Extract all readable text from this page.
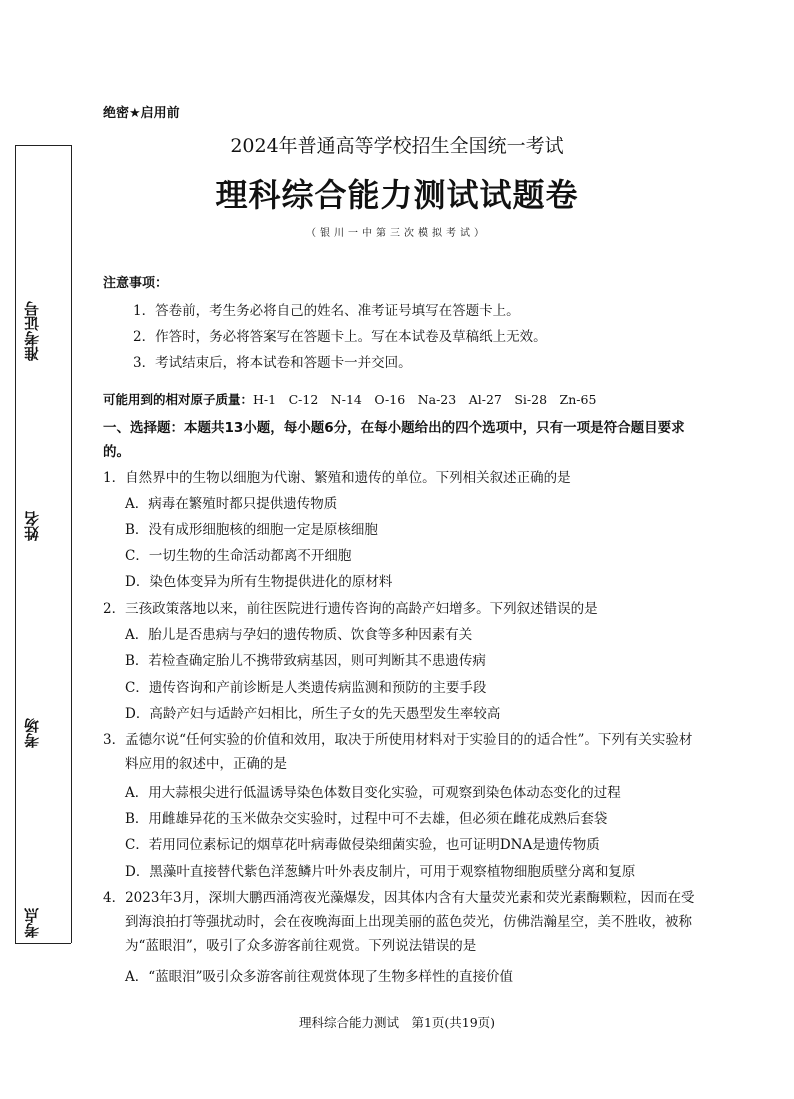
准考证号
姓名
考场
考点
绝密★启用前
2024年普通高等学校招生全国统一考试
理科综合能力测试试题卷
（银川一中第三次模拟考试）
注意事项：
1．答卷前，考生务必将自己的姓名、准考证号填写在答题卡上。
2．作答时，务必将答案写在答题卡上。写在本试卷及草稿纸上无效。
3．考试结束后，将本试卷和答题卡一并交回。
可能用到的相对原子质量：H-1　C-12　N-14　O-16　Na-23　Al-27　Si-28　Zn-65
一、选择题：本题共13小题，每小题6分，在每小题给出的四个选项中，只有一项是符合题目要求的。
1．自然界中的生物以细胞为代谢、繁殖和遗传的单位。下列相关叙述正确的是
A．病毒在繁殖时都只提供遗传物质
B．没有成形细胞核的细胞一定是原核细胞
C．一切生物的生命活动都离不开细胞
D．染色体变异为所有生物提供进化的原材料
2．三孩政策落地以来，前往医院进行遗传咨询的高龄产妇增多。下列叙述错误的是
A．胎儿是否患病与孕妇的遗传物质、饮食等多种因素有关
B．若检查确定胎儿不携带致病基因，则可判断其不患遗传病
C．遗传咨询和产前诊断是人类遗传病监测和预防的主要手段
D．高龄产妇与适龄产妇相比，所生子女的先天愚型发生率较高
3．孟德尔说“任何实验的价值和效用，取决于所使用材料对于实验目的的适合性”。下列有关实验材料应用的叙述中，正确的是
A．用大蒜根尖进行低温诱导染色体数目变化实验，可观察到染色体动态变化的过程
B．用雌雄异花的玉米做杂交实验时，过程中可不去雄，但必须在雌花成熟后套袋
C．若用同位素标记的烟草花叶病毒做侵染细菌实验，也可证明DNA是遗传物质
D．黑藻叶直接替代紫色洋葱鳞片叶外表皮制片，可用于观察植物细胞质壁分离和复原
4．2023年3月，深圳大鹏西涌湾夜光藻爆发，因其体内含有大量荧光素和荧光素酶颗粒，因而在受到海浪拍打等强扰动时，会在夜晚海面上出现美丽的蓝色荧光，仿佛浩瀚星空，美不胜收，被称为“蓝眼泪”，吸引了众多游客前往观赏。下列说法错误的是
A．“蓝眼泪”吸引众多游客前往观赏体现了生物多样性的直接价值
理科综合能力测试　第1页(共19页)
